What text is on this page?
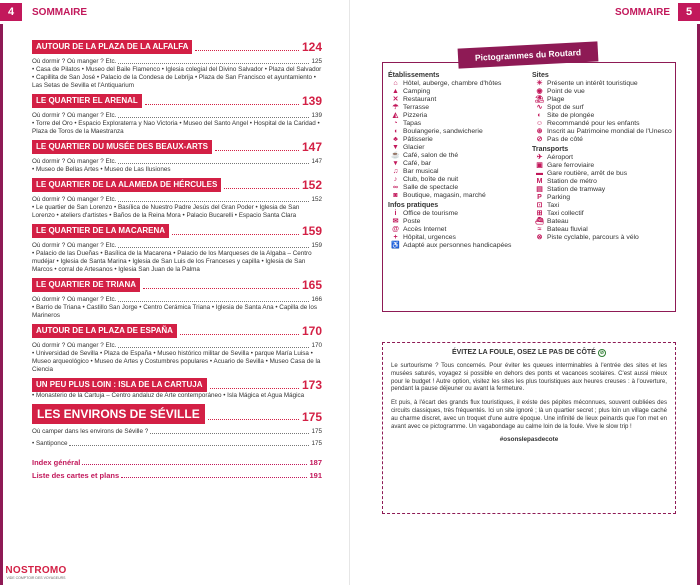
4	SOMMAIRE	SOMMAIRE	5
AUTOUR DE LA PLAZA DE LA ALFALFA	124
Où dormir ? Où manger ? Etc.	125
• Casa de Pilatos • Museo del Baile Flamenco • Iglesia colegial del Divino Salvador • Plaza del Salvador • Capillita de San José • Palacio de la Condesa de Lebrija • Plaza de San Francisco et ayuntamiento • Las Setas de Sevilla et l'Antiquarium
LE QUARTIER EL ARENAL	139
Où dormir ? Où manger ? Etc.	139
• Torre del Oro • Espacio Exploraterra y Nao Victoria • Museo del Santo Angel • Hospital de la Caridad • Plaza de Toros de la Maestranza
LE QUARTIER DU MUSÉE DES BEAUX-ARTS	147
Où dormir ? Où manger ? Etc.	147
• Museo de Bellas Artes • Museo de Las Ilusiones
LE QUARTIER DE LA ALAMEDA DE HÉRCULES	152
Où dormir ? Où manger ? Etc.	152
• Le quartier de San Lorenzo • Basílica de Nuestro Padre Jesús del Gran Poder • Iglesia de San Lorenzo • ateliers d'artistes • Baños de la Reina Mora • Palacio Bucarelli • Espacio Santa Clara
LE QUARTIER DE LA MACARENA	159
Où dormir ? Où manger ? Etc.	159
• Palacio de las Dueñas • Basílica de la Macarena • Palacio de los Marqueses de la Algaba – Centro mudéjar • Iglesia de Santa Marina • Iglesia de San Luis de los Franceses y capilla • Iglesia de San Marcos • corral de Artesanos • Iglesia San Juan de la Palma
LE QUARTIER DE TRIANA	165
Où dormir ? Où manger ? Etc.	166
• Barrio de Triana • Castillo San Jorge • Centro Cerámica Triana • Iglesia de Santa Ana • Capilla de los Marineros
AUTOUR DE LA PLAZA DE ESPAÑA	170
Où dormir ? Où manger ? Etc.	170
• Universidad de Sevilla • Plaza de España • Museo histórico militar de Sevilla • parque María Luisa • Museo arqueológico • Museo de Artes y Costumbres populares • Acuario de Sevilla • Museo Casa de la Ciencia
UN PEU PLUS LOIN : ISLA DE LA CARTUJA	173
• Monasterio de la Cartuja – Centro andaluz de Arte contemporáneo • Isla Mágica et Agua Mágica
LES ENVIRONS DE SÉVILLE	175
Où camper dans les environs de Séville ?	175
• Santiponce	175
Index général	187
Liste des cartes et plans	191
NOSTROMO
VIDE COMPTOIR DES VOYAGEURS
Pictogrammes du Routard
Établissements
⌂ Hôtel, auberge, chambre d'hôtes
▲ Camping
✕ Restaurant
☂ Terrasse
◭ Pizzeria
◔ Tapas
◖ Boulangerie, sandwicherie
♣ Pâtisserie
▼ Glacier
☕ Café, salon de thé
▾ Café, bar
♫ Bar musical
♪ Club, boîte de nuit
∞ Salle de spectacle
◙ Boutique, magasin, marché
Infos pratiques
i Office de tourisme
✉ Poste
@ Accès Internet
+ Hôpital, urgences
♿ Adapté aux personnes handicapées
Sites
☀ Présente un intérêt touristique
◉ Point de vue
⛱ Plage
∿ Spot de surf
◐ Site de plongée
☺ Recommandé pour les enfants
⊛ Inscrit au Patrimoine mondial de l'Unesco
⊘ Pas de côté
Transports
✈ Aéroport
▣ Gare ferroviaire
▬ Gare routière, arrêt de bus
M Station de métro
▤ Station de tramway
P Parking
⊡ Taxi
⊞ Taxi collectif
⛴ Bateau
≈ Bateau fluvial
⊗ Piste cyclable, parcours à vélo
ÉVITEZ LA FOULE, OSEZ LE PAS DE CÔTÉ ⊘
Le surtourisme ? Tous concernés. Pour éviter les queues interminables à l'entrée des sites et les musées saturés, voyagez si possible en dehors des ponts et vacances scolaires. C'est aussi mieux pour le budget ! Autre option, visitez les sites les plus touristiques aux heures creuses : à l'ouverture, pendant la pause déjeuner ou avant la fermeture.
Et puis, à l'écart des grands flux touristiques, il existe des pépites méconnues, souvent oubliées des circuits classiques, très fréquentés. Ici un site ignoré ; là un quartier secret ; plus loin un village caché au charme discret, avec un troquet d'une autre époque. Une infinité de lieux peinards que l'on met en avant avec ce pictogramme. Un vagabondage au calme loin de la foule. Vive le slow trip !
#osonslepasdecote
